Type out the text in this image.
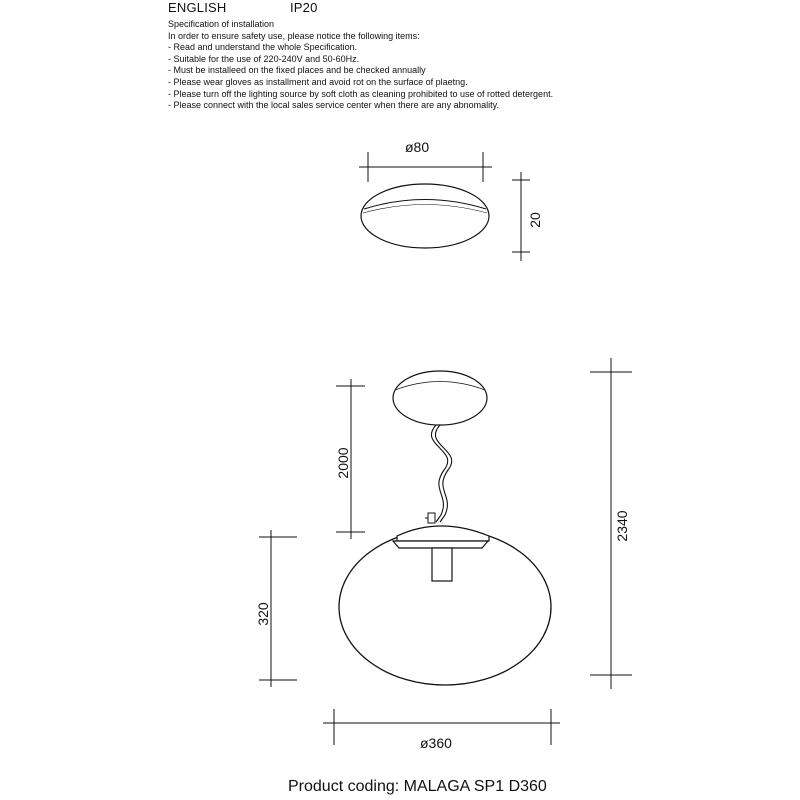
ENGLISH	IP20
Specification of installation
In order to ensure safety use, please notice the following items:
- Read and understand the whole Specification.
- Suitable for the use of 220-240V and 50-60Hz.
- Must be installeed on the fixed places and be checked annually
- Please wear gloves as installment and avoid rot on the surface of plaetng.
- Please turn off the lighting source by soft cloth as cleaning prohibited to use of rotted detergent.
- Please connect with the local sales service center when there are any abnomality.
ø80
20
2000
2340
320
ø360
Product coding: MALAGA SP1 D360
